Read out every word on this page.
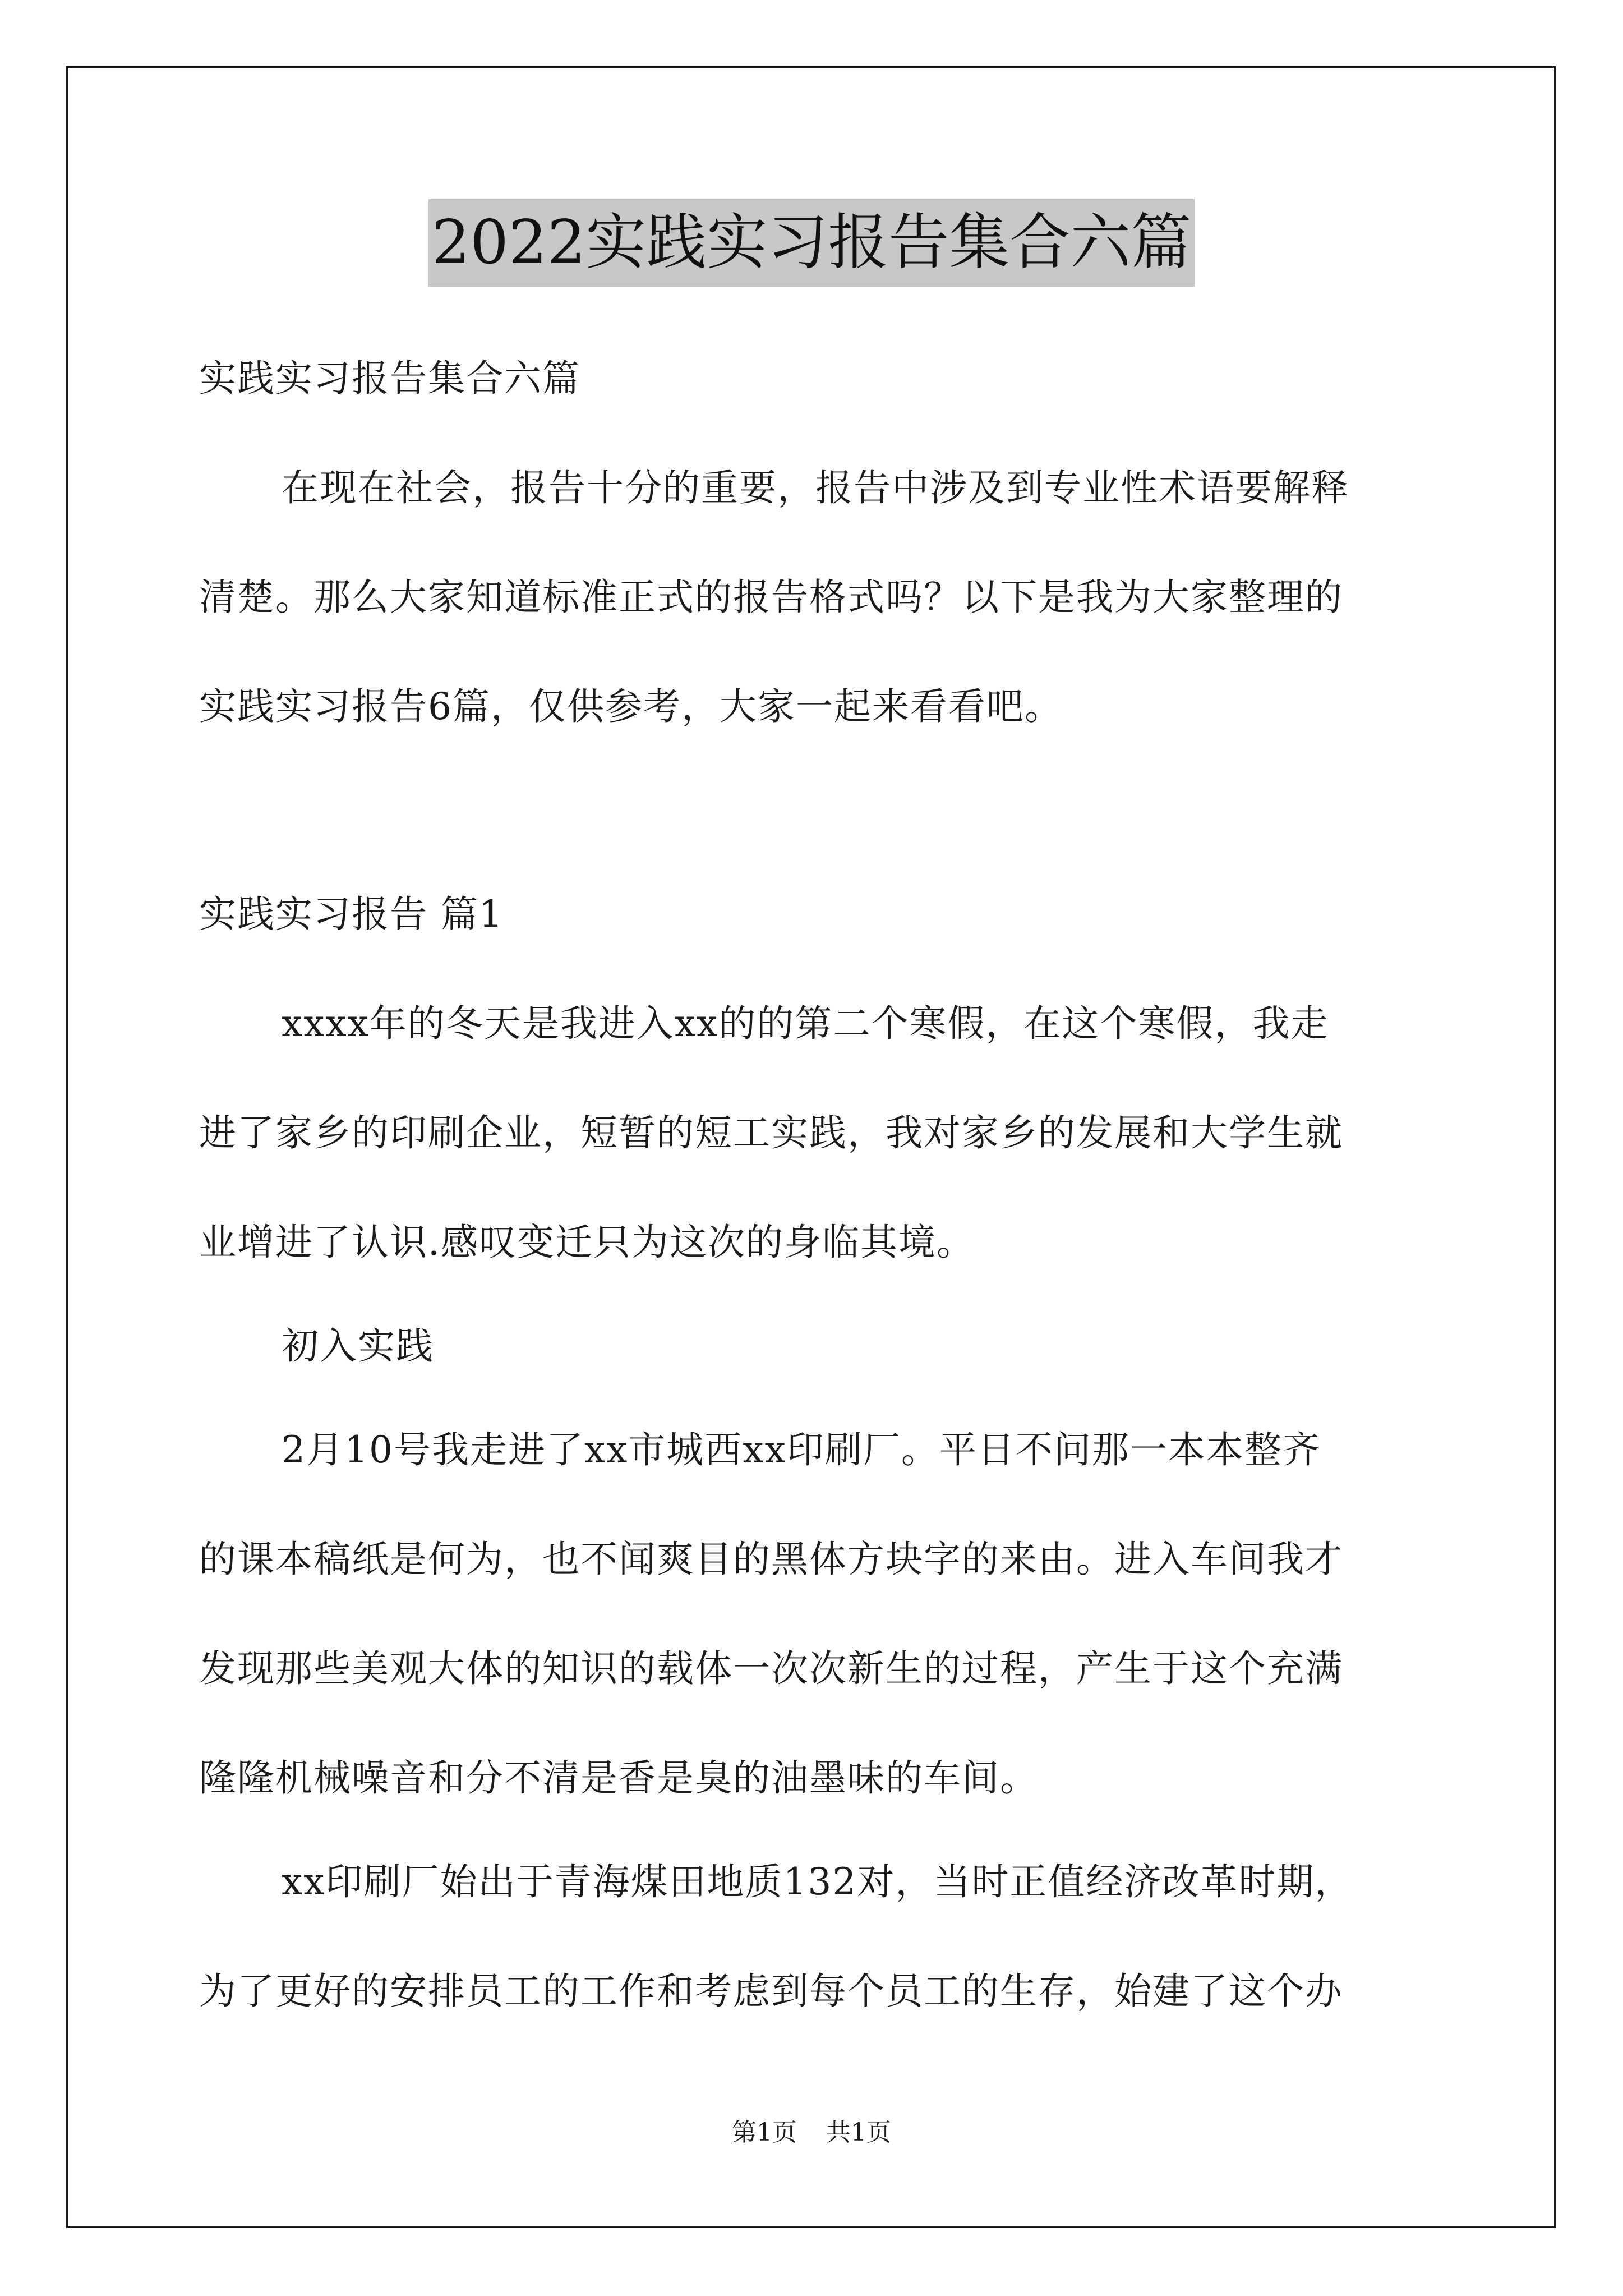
2022实践实习报告集合六篇
实践实习报告集合六篇
在现在社会，报告十分的重要，报告中涉及到专业性术语要解释
清楚。那么大家知道标准正式的报告格式吗？以下是我为大家整理的
实践实习报告6篇，仅供参考，大家一起来看看吧。
实践实习报告 篇1
xxxx年的冬天是我进入xx的的第二个寒假，在这个寒假，我走
进了家乡的印刷企业，短暂的短工实践，我对家乡的发展和大学生就
业增进了认识.感叹变迁只为这次的身临其境。
初入实践
2月10号我走进了xx市城西xx印刷厂。平日不问那一本本整齐
的课本稿纸是何为，也不闻爽目的黑体方块字的来由。进入车间我才
发现那些美观大体的知识的载体一次次新生的过程，产生于这个充满
隆隆机械噪音和分不清是香是臭的油墨味的车间。
xx印刷厂始出于青海煤田地质132对，当时正值经济改革时期，
为了更好的安排员工的工作和考虑到每个员工的生存，始建了这个办
第1页 共1页
